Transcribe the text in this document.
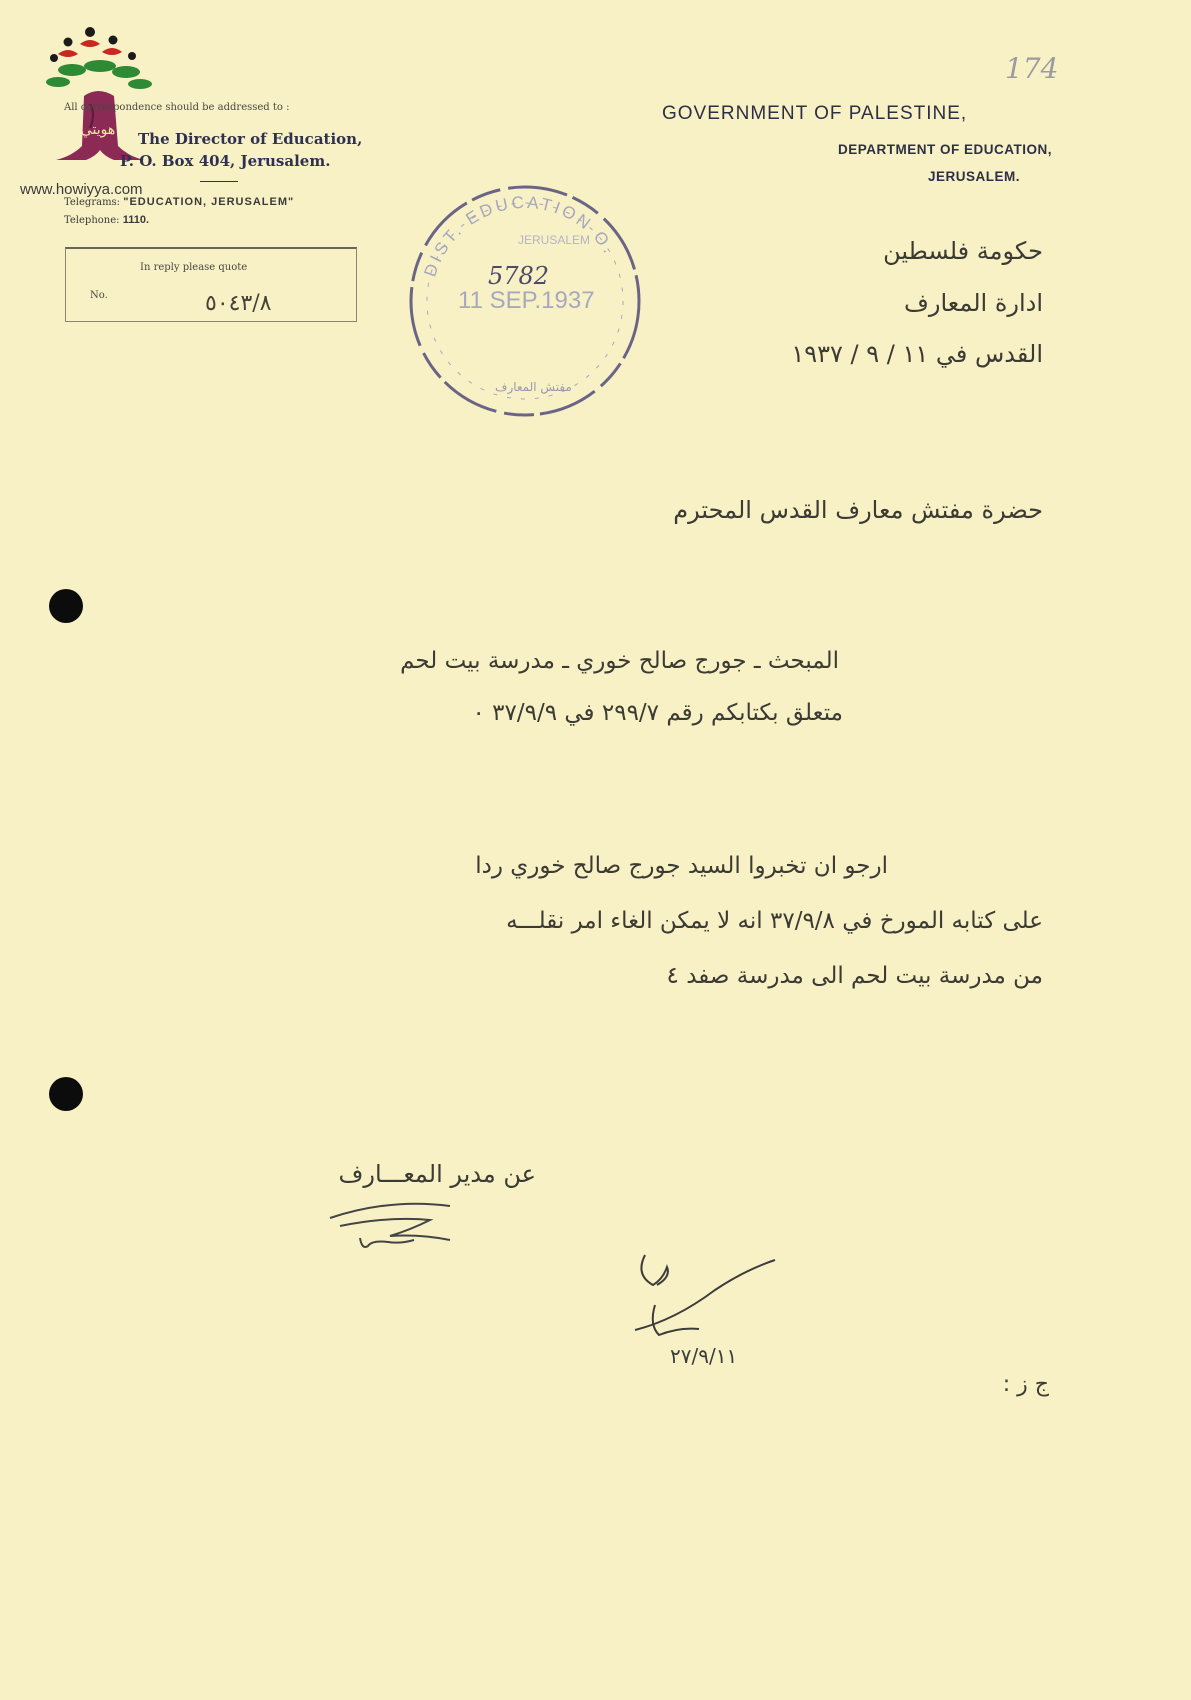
هويتي
www.howiyya.com
All correspondence should be addressed to :
The Director of Education,
P. O. Box 404, Jerusalem.
Telegrams: "EDUCATION, JERUSALEM"
Telephone: 1110.
In reply please quote
No.	٥٠٤٣/٨
174
GOVERNMENT OF PALESTINE,
DEPARTMENT OF EDUCATION,
JERUSALEM.
حكومة فلسطين
ادارة المعارف
القدس في ١١ / ٩ / ١٩٣٧
DIST. EDUCATION O.
JERUSALEM
مفتش المعارف
5782
11 SEP.1937
حضرة مفتش معارف القدس المحترم
المبحث ـ جورج صالح خوري ـ مدرسة بيت لحم
متعلق بكتابكم رقم ٢٩٩/٧ في ٣٧/٩/٩ ٠
ارجو ان تخبروا السيد جورج صالح خوري ردا
على كتابه المورخ في ٣٧/٩/٨ انه لا يمكن الغاء امر نقلـــه
من مدرسة بيت لحم الى مدرسة صفد ٤
عن مدير المعـــارف
٢٧/٩/١١
ج ز :
